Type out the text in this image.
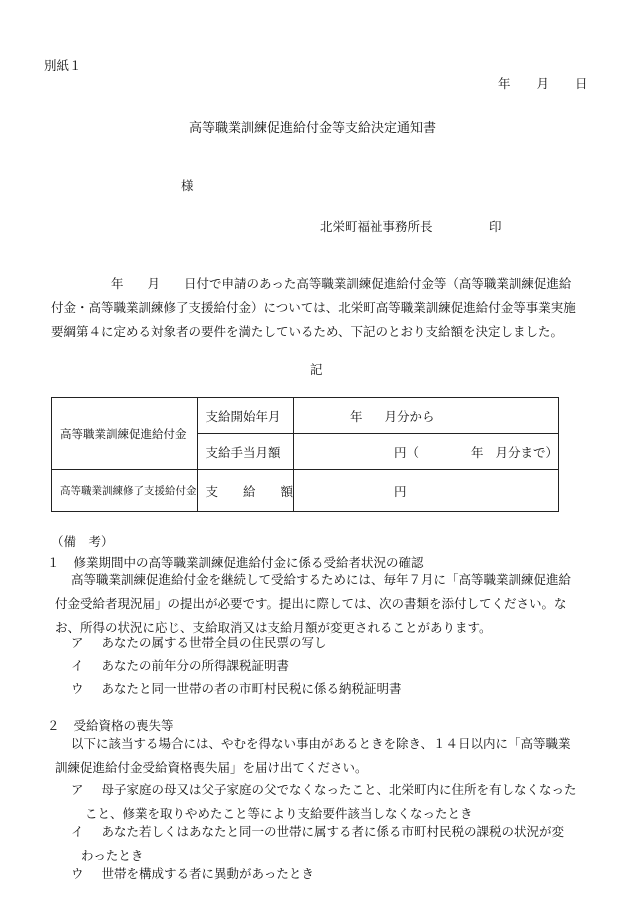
別紙１
年 月 日
高等職業訓練促進給付金等支給決定通知書
様
北栄町福祉事務所長	印
年 月 日付で申請のあった高等職業訓練促進給付金等（高等職業訓練促進給
付金・高等職業訓練修了支援給付金）については、北栄町高等職業訓練促進給付金等事業実施
要綱第４に定める対象者の要件を満たしているため、下記のとおり支給額を決定しました。
記
高等職業訓練促進給付金	支給開始年月	年 月分から
	支給手当月額	円（ 年 月分まで）
高等職業訓練修了支援給付金	支　　給　　額	円
（備　考）
１ 修業期間中の高等職業訓練促進給付金に係る受給者状況の確認
高等職業訓練促進給付金を継続して受給するためには、毎年７月に「高等職業訓練促進給
付金受給者現況届」の提出が必要です。提出に際しては、次の書類を添付してください。な
お、所得の状況に応じ、支給取消又は支給月額が変更されることがあります。
ア あなたの属する世帯全員の住民票の写し
イ あなたの前年分の所得課税証明書
ウ あなたと同一世帯の者の市町村民税に係る納税証明書
２ 受給資格の喪失等
以下に該当する場合には、やむを得ない事由があるときを除き、１４日以内に「高等職業
訓練促進給付金受給資格喪失届」を届け出てください。
ア 母子家庭の母又は父子家庭の父でなくなったこと、北栄町内に住所を有しなくなった
こと、修業を取りやめたこと等により支給要件該当しなくなったとき
イ あなた若しくはあなたと同一の世帯に属する者に係る市町村民税の課税の状況が変
わったとき
ウ 世帯を構成する者に異動があったとき
